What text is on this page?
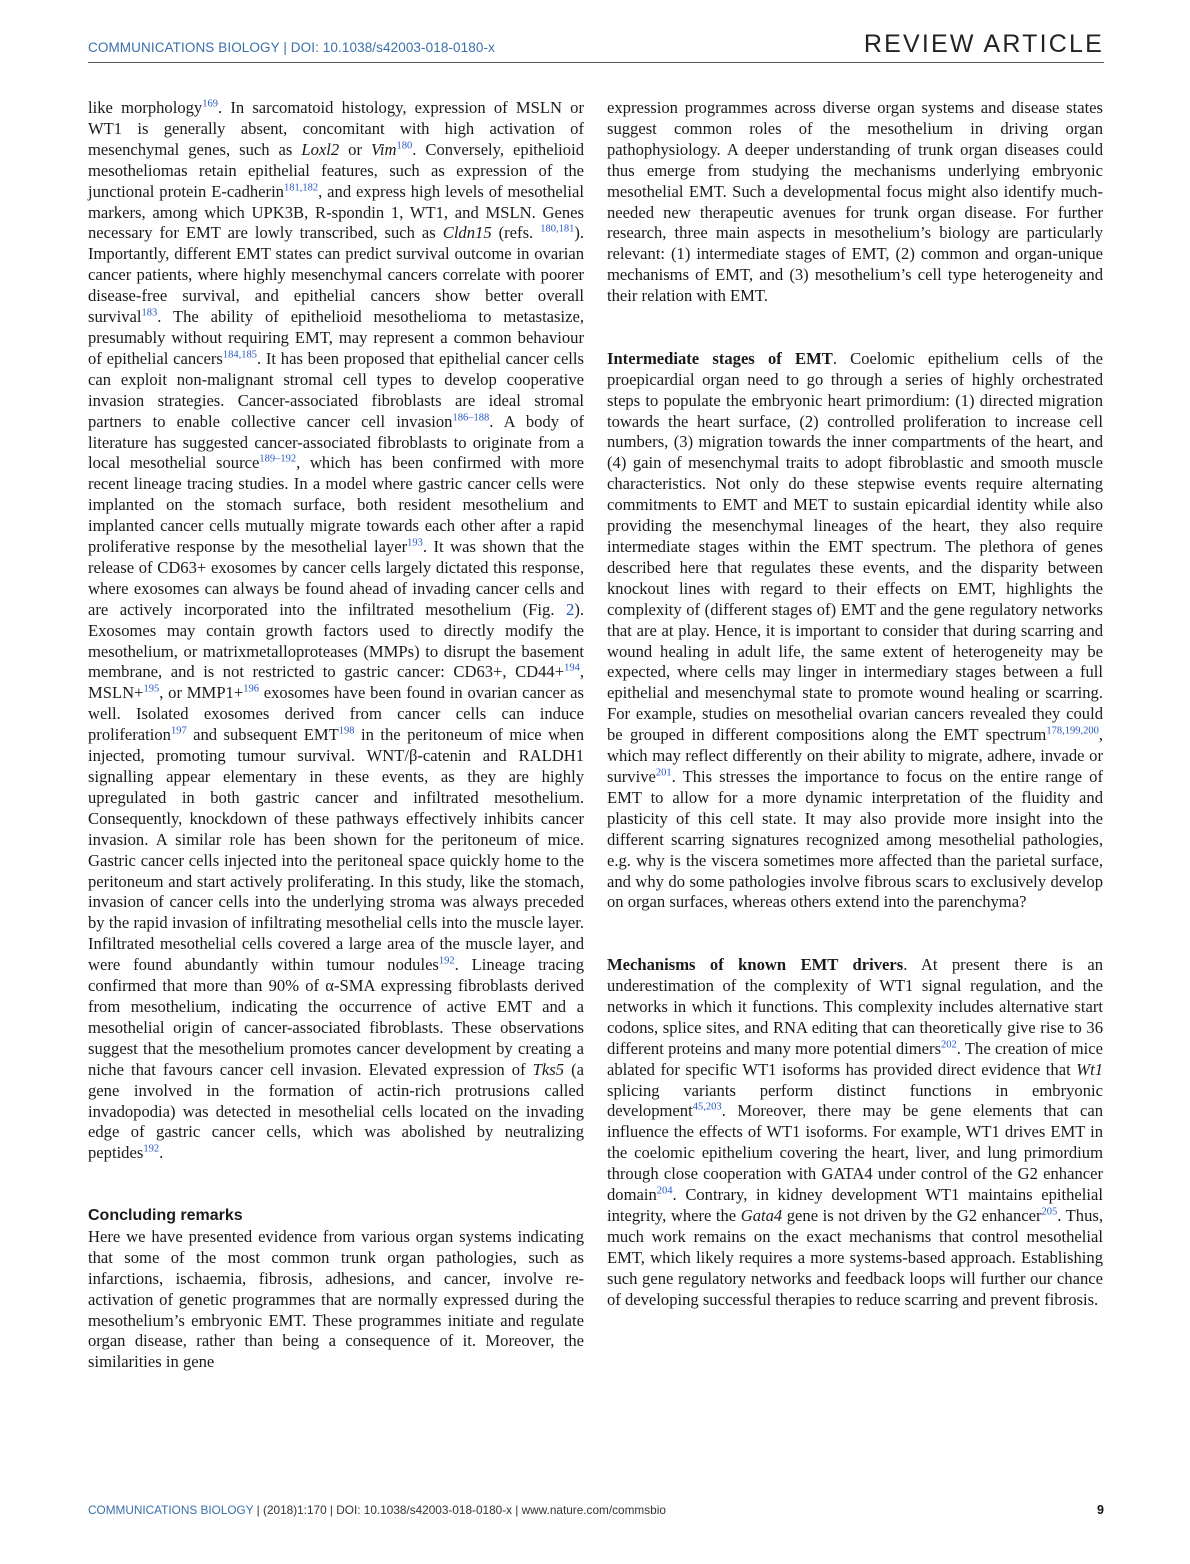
COMMUNICATIONS BIOLOGY | DOI: 10.1038/s42003-018-0180-x	REVIEW ARTICLE

like morphology$^{169}$. In sarcomatoid histology, expression of MSLN or WT1 is generally absent, concomitant with high activation of mesenchymal genes, such as Loxl2 or Vim$^{180}$. Conversely, epithelioid mesotheliomas retain epithelial features, such as expression of the junctional protein E-cadherin$^{181,182}$, and express high levels of mesothelial markers, among which UPK3B, R-spondin 1, WT1, and MSLN. Genes necessary for EMT are lowly transcribed, such as Cldn15 (refs. $^{180,181}$). Importantly, different EMT states can predict survival outcome in ovarian cancer patients, where highly mesenchymal cancers correlate with poorer disease-free survival, and epithelial cancers show better overall survival$^{183}$. The ability of epithelioid mesothelioma to metastasize, presumably without requiring EMT, may represent a common behaviour of epithelial cancers$^{184,185}$. It has been proposed that epithelial cancer cells can exploit non-malignant stromal cell types to develop cooperative invasion strategies. Cancer-associated fibroblasts are ideal stromal partners to enable collective cancer cell invasion$^{186-188}$. A body of literature has suggested cancer-associated fibroblasts to originate from a local mesothelial source$^{189-192}$, which has been confirmed with more recent lineage tracing studies. In a model where gastric cancer cells were implanted on the stomach surface, both resident mesothelium and implanted cancer cells mutually migrate towards each other after a rapid proliferative response by the mesothelial layer$^{193}$. It was shown that the release of CD63+ exosomes by cancer cells largely dictated this response, where exosomes can always be found ahead of invading cancer cells and are actively incorporated into the infiltrated mesothelium (Fig. 2). Exosomes may contain growth factors used to directly modify the mesothelium, or matrixmetalloproteases (MMPs) to disrupt the basement membrane, and is not restricted to gastric cancer: CD63+, CD44+$^{194}$, MSLN+$^{195}$, or MMP1+$^{196}$ exosomes have been found in ovarian cancer as well. Isolated exosomes derived from cancer cells can induce proliferation$^{197}$ and subsequent EMT$^{198}$ in the peritoneum of mice when injected, promoting tumour survival. WNT/β-catenin and RALDH1 signalling appear elementary in these events, as they are highly upregulated in both gastric cancer and infiltrated mesothelium. Consequently, knockdown of these pathways effectively inhibits cancer invasion. A similar role has been shown for the peritoneum of mice. Gastric cancer cells injected into the peritoneal space quickly home to the peritoneum and start actively proliferating. In this study, like the stomach, invasion of cancer cells into the underlying stroma was always preceded by the rapid invasion of infiltrating mesothelial cells into the muscle layer. Infiltrated mesothelial cells covered a large area of the muscle layer, and were found abundantly within tumour nodules$^{192}$. Lineage tracing confirmed that more than 90% of α-SMA expressing fibroblasts derived from mesothelium, indicating the occurrence of active EMT and a mesothelial origin of cancer-associated fibroblasts. These observations suggest that the mesothelium promotes cancer development by creating a niche that favours cancer cell invasion. Elevated expression of Tks5 (a gene involved in the formation of actin-rich protrusions called invadopodia) was detected in mesothelial cells located on the invading edge of gastric cancer cells, which was abolished by neutralizing peptides$^{192}$.

Concluding remarks

Here we have presented evidence from various organ systems indicating that some of the most common trunk organ pathologies, such as infarctions, ischaemia, fibrosis, adhesions, and cancer, involve re-activation of genetic programmes that are normally expressed during the mesothelium’s embryonic EMT. These programmes initiate and regulate organ disease, rather than being a consequence of it. Moreover, the similarities in gene

expression programmes across diverse organ systems and disease states suggest common roles of the mesothelium in driving organ pathophysiology. A deeper understanding of trunk organ diseases could thus emerge from studying the mechanisms underlying embryonic mesothelial EMT. Such a developmental focus might also identify much-needed new therapeutic avenues for trunk organ disease. For further research, three main aspects in mesothelium’s biology are particularly relevant: (1) intermediate stages of EMT, (2) common and organ-unique mechanisms of EMT, and (3) mesothelium’s cell type heterogeneity and their relation with EMT.

Intermediate stages of EMT. Coelomic epithelium cells of the proepicardial organ need to go through a series of highly orchestrated steps to populate the embryonic heart primordium: (1) directed migration towards the heart surface, (2) controlled proliferation to increase cell numbers, (3) migration towards the inner compartments of the heart, and (4) gain of mesenchymal traits to adopt fibroblastic and smooth muscle characteristics. Not only do these stepwise events require alternating commitments to EMT and MET to sustain epicardial identity while also providing the mesenchymal lineages of the heart, they also require intermediate stages within the EMT spectrum. The plethora of genes described here that regulates these events, and the disparity between knockout lines with regard to their effects on EMT, highlights the complexity of (different stages of) EMT and the gene regulatory networks that are at play. Hence, it is important to consider that during scarring and wound healing in adult life, the same extent of heterogeneity may be expected, where cells may linger in intermediary stages between a full epithelial and mesenchymal state to promote wound healing or scarring. For example, studies on mesothelial ovarian cancers revealed they could be grouped in different compositions along the EMT spectrum$^{178,199,200}$, which may reflect differently on their ability to migrate, adhere, invade or survive$^{201}$. This stresses the importance to focus on the entire range of EMT to allow for a more dynamic interpretation of the fluidity and plasticity of this cell state. It may also provide more insight into the different scarring signatures recognized among mesothelial pathologies, e.g. why is the viscera sometimes more affected than the parietal surface, and why do some pathologies involve fibrous scars to exclusively develop on organ surfaces, whereas others extend into the parenchyma?

Mechanisms of known EMT drivers. At present there is an underestimation of the complexity of WT1 signal regulation, and the networks in which it functions. This complexity includes alternative start codons, splice sites, and RNA editing that can theoretically give rise to 36 different proteins and many more potential dimers$^{202}$. The creation of mice ablated for specific WT1 isoforms has provided direct evidence that Wt1 splicing variants perform distinct functions in embryonic development$^{45,203}$. Moreover, there may be gene elements that can influence the effects of WT1 isoforms. For example, WT1 drives EMT in the coelomic epithelium covering the heart, liver, and lung primordium through close cooperation with GATA4 under control of the G2 enhancer domain$^{204}$. Contrary, in kidney development WT1 maintains epithelial integrity, where the Gata4 gene is not driven by the G2 enhancer$^{205}$. Thus, much work remains on the exact mechanisms that control mesothelial EMT, which likely requires a more systems-based approach. Establishing such gene regulatory networks and feedback loops will further our chance of developing successful therapies to reduce scarring and prevent fibrosis.

COMMUNICATIONS BIOLOGY | (2018)1:170 | DOI: 10.1038/s42003-018-0180-x | www.nature.com/commsbio	9
